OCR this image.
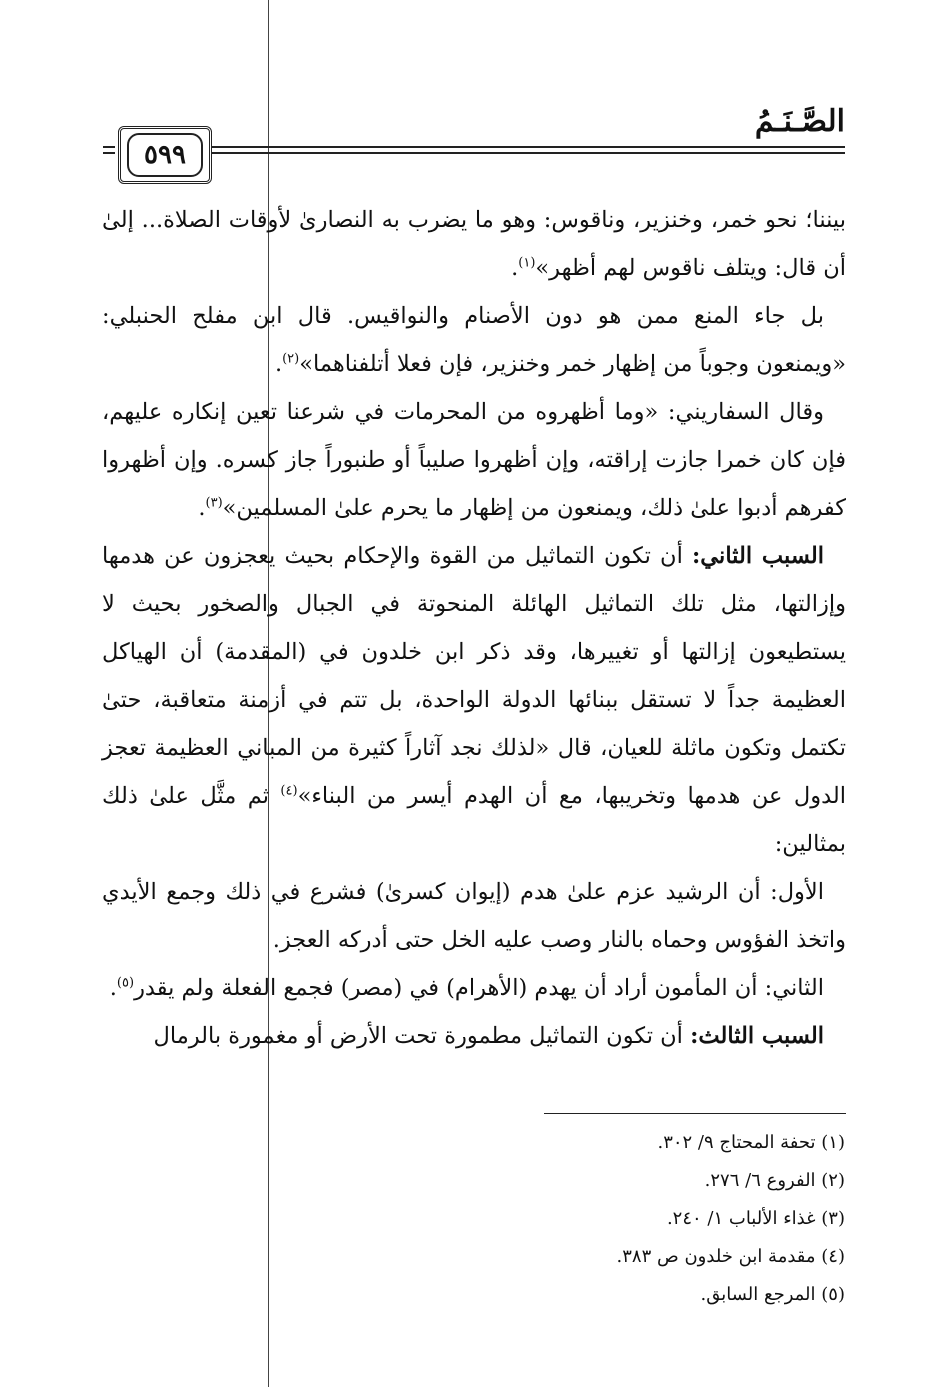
الصَّـنَـمُ
٥٩٩

بيننا؛ نحو خمر، وخنزير، وناقوس: وهو ما يضرب به النصارىٰ لأوقات الصلاة... إلىٰ أن قال: ويتلف ناقوس لهم أظهر»$^{(١)}$.

بل جاء المنع ممن هو دون الأصنام والنواقيس. قال ابن مفلح الحنبلي: «ويمنعون وجوباً من إظهار خمر وخنزير، فإن فعلا أتلفناهما»$^{(٢)}$.

وقال السفاريني: «وما أظهروه من المحرمات في شرعنا تعين إنكاره عليهم، فإن كان خمرا جازت إراقته، وإن أظهروا صليباً أو طنبوراً جاز كسره. وإن أظهروا كفرهم أدبوا علىٰ ذلك، ويمنعون من إظهار ما يحرم علىٰ المسلمين»$^{(٣)}$.

السبب الثاني: أن تكون التماثيل من القوة والإحكام بحيث يعجزون عن هدمها وإزالتها، مثل تلك التماثيل الهائلة المنحوتة في الجبال والصخور بحيث لا يستطيعون إزالتها أو تغييرها، وقد ذكر ابن خلدون في (المقدمة) أن الهياكل العظيمة جداً لا تستقل ببنائها الدولة الواحدة، بل تتم في أزمنة متعاقبة، حتىٰ تكتمل وتكون ماثلة للعيان، قال «لذلك نجد آثاراً كثيرة من المباني العظيمة تعجز الدول عن هدمها وتخريبها، مع أن الهدم أيسر من البناء»$^{(٤)}$ ثم مثَّل علىٰ ذلك بمثالين:

الأول: أن الرشيد عزم علىٰ هدم (إيوان كسرىٰ) فشرع في ذلك وجمع الأيدي واتخذ الفؤوس وحماه بالنار وصب عليه الخل حتى أدركه العجز.

الثاني: أن المأمون أراد أن يهدم (الأهرام) في (مصر) فجمع الفعلة ولم يقدر$^{(٥)}$.

السبب الثالث: أن تكون التماثيل مطمورة تحت الأرض أو مغمورة بالرمال

(١) تحفة المحتاج ٩/ ٣٠٢.
(٢) الفروع ٦/ ٢٧٦.
(٣) غذاء الألباب ١/ ٢٤٠.
(٤) مقدمة ابن خلدون ص ٣٨٣.
(٥) المرجع السابق.
